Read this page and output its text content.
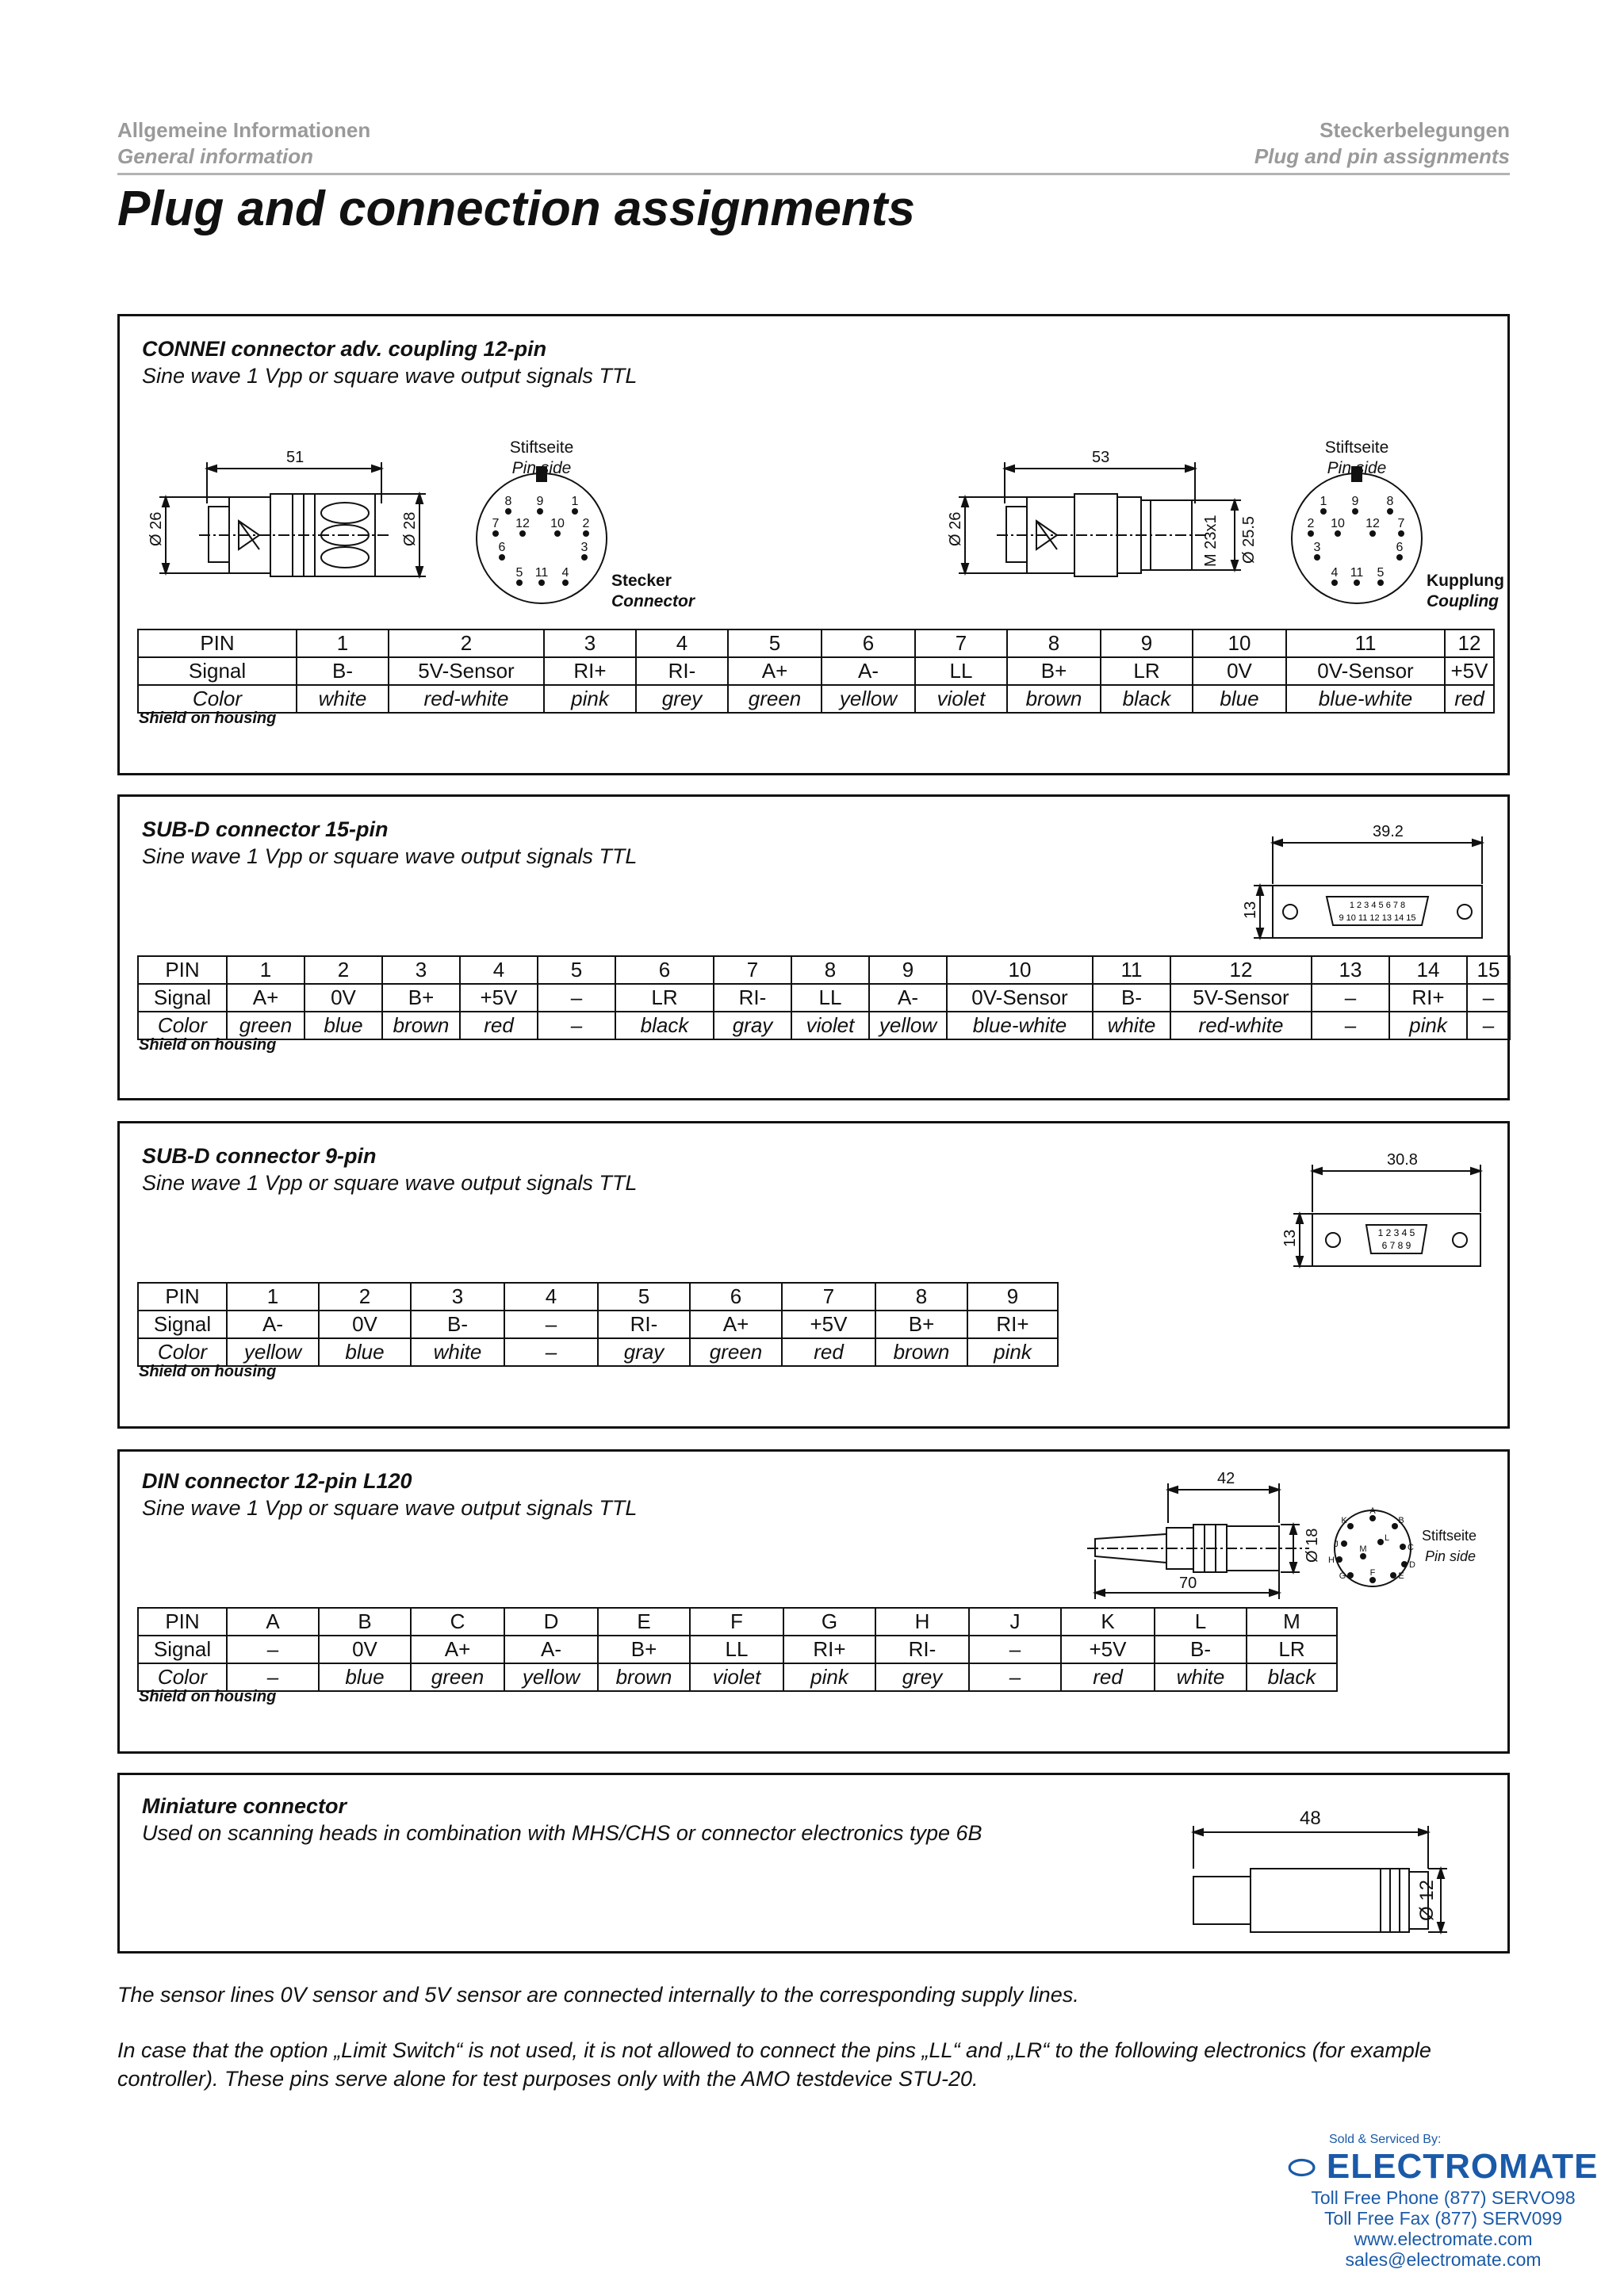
Allgemeine Informationen
General information
Steckerbelegungen
Plug and pin assignments
Plug and connection assignments
CONNEI connector adv. coupling 12-pin
Sine wave 1 Vpp or square wave output signals TTL
51
Ø 26	Ø 28
Stiftseite
Pin side
Stecker
Connector
8 9 1
7 12 10 2
6	3
5 11 4
53
Ø 26	M 23x1 Ø 25.5
Stiftseite
Pin side
Kupplung
Coupling
1 9 8
2 10 12 7
3	6
4 11 5
PIN	1	2	3	4	5	6	7	8	9	10	11	12
Signal	B-	5V-Sensor	RI+	RI-	A+	A-	LL	B+	LR	0V	0V-Sensor	+5V
Color	white	red-white	pink	grey	green	yellow	violet	brown	black	blue	blue-white	red
Shield on housing
SUB-D connector 15-pin
Sine wave 1 Vpp or square wave output signals TTL
39.2
13	1 2 3 4 5 6 7 8
9 10 11 12 13 14 15
PIN	1	2	3	4	5	6	7	8	9	10	11	12	13	14	15
Signal	A+	0V	B+	+5V	–	LR	RI-	LL	A-	0V-Sensor	B-	5V-Sensor	–	RI+	–
Color	green	blue	brown	red	–	black	gray	violet	yellow	blue-white	white	red-white	–	pink	–
Shield on housing
SUB-D connector 9-pin
Sine wave 1 Vpp or square wave output signals TTL
30.8
13	1 2 3 4 5
6 7 8 9
PIN	1	2	3	4	5	6	7	8	9
Signal	A-	0V	B-	–	RI-	A+	+5V	B+	RI+
Color	yellow	blue	white	–	gray	green	red	brown	pink
Shield on housing
DIN connector 12-pin L120
Sine wave 1 Vpp or square wave output signals TTL
42
70
Ø 18	Stiftseite
Pin side
K
A
B
J
L
C
H
M
D
G	F	E
PIN	A	B	C	D	E	F	G	H	J	K	L	M
Signal	–	0V	A+	A-	B+	LL	RI+	RI-	–	+5V	B-	LR
Color	–	blue	green	yellow	brown	violet	pink	grey	–	red	white	black
Shield on housing
Miniature connector
Used on scanning heads in combination with MHS/CHS or connector electronics type 6B
48
Ø 12
The sensor lines 0V sensor and 5V sensor are connected internally to the corresponding supply lines.
In case that the option „Limit Switch“ is not used, it is not allowed to connect the pins „LL“ and „LR“ to the following electronics (for example controller). These pins serve alone for test purposes only with the AMO testdevice STU-20.
Sold & Serviced By:
⬭ ELECTROMATE
Toll Free Phone (877) SERVO98
Toll Free Fax (877) SERV099
www.electromate.com
sales@electromate.com
